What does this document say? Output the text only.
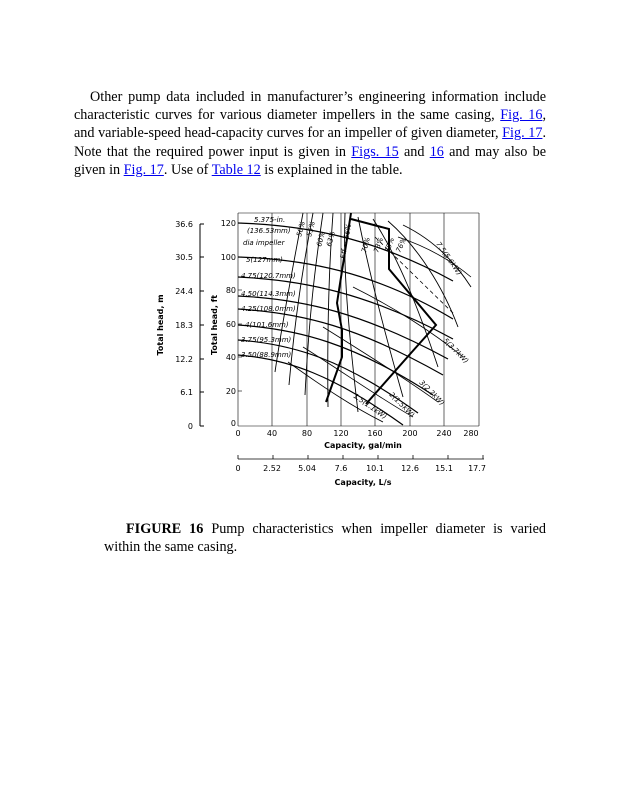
Other pump data included in manufacturer’s engineering information include characteristic curves for various diameter impellers in the same casing, Fig. 16, and variable-speed head-capacity curves for an impeller of given diameter, Fig. 17. Note that the required power input is given in Figs. 15 and 16 and may also be given in Fig. 17. Use of Table 12 is explained in the table.

36.6
30.5
24.4
18.3
12.2
6.1
0
Total head, m
120
100
80
60
40
20
0
Total head, ft
5.375-in.
(136.53mm)
dia impeller
5(127mm)
4.75(120.7mm)
4.50(114.3mm)
4.25(108.0mm)
4(101.6mm)
3.75(95.3mm)
3.50(88.9mm)
50%
55%
60%
63% Eff = 66% 70% 73%
75%
76%	7.5(5.6kW)
5(3.7kW)
3(2.2kW)
2(1.5kW)
1.5(1.1kW)
0	40	80	120 160 200 240 280
Capacity, gal/min
0	2.52 5.04 7.6 10.1 12.6 15.1 17.7
Capacity, L/s

FIGURE 16 Pump characteristics when impeller diameter is varied within the same casing.
